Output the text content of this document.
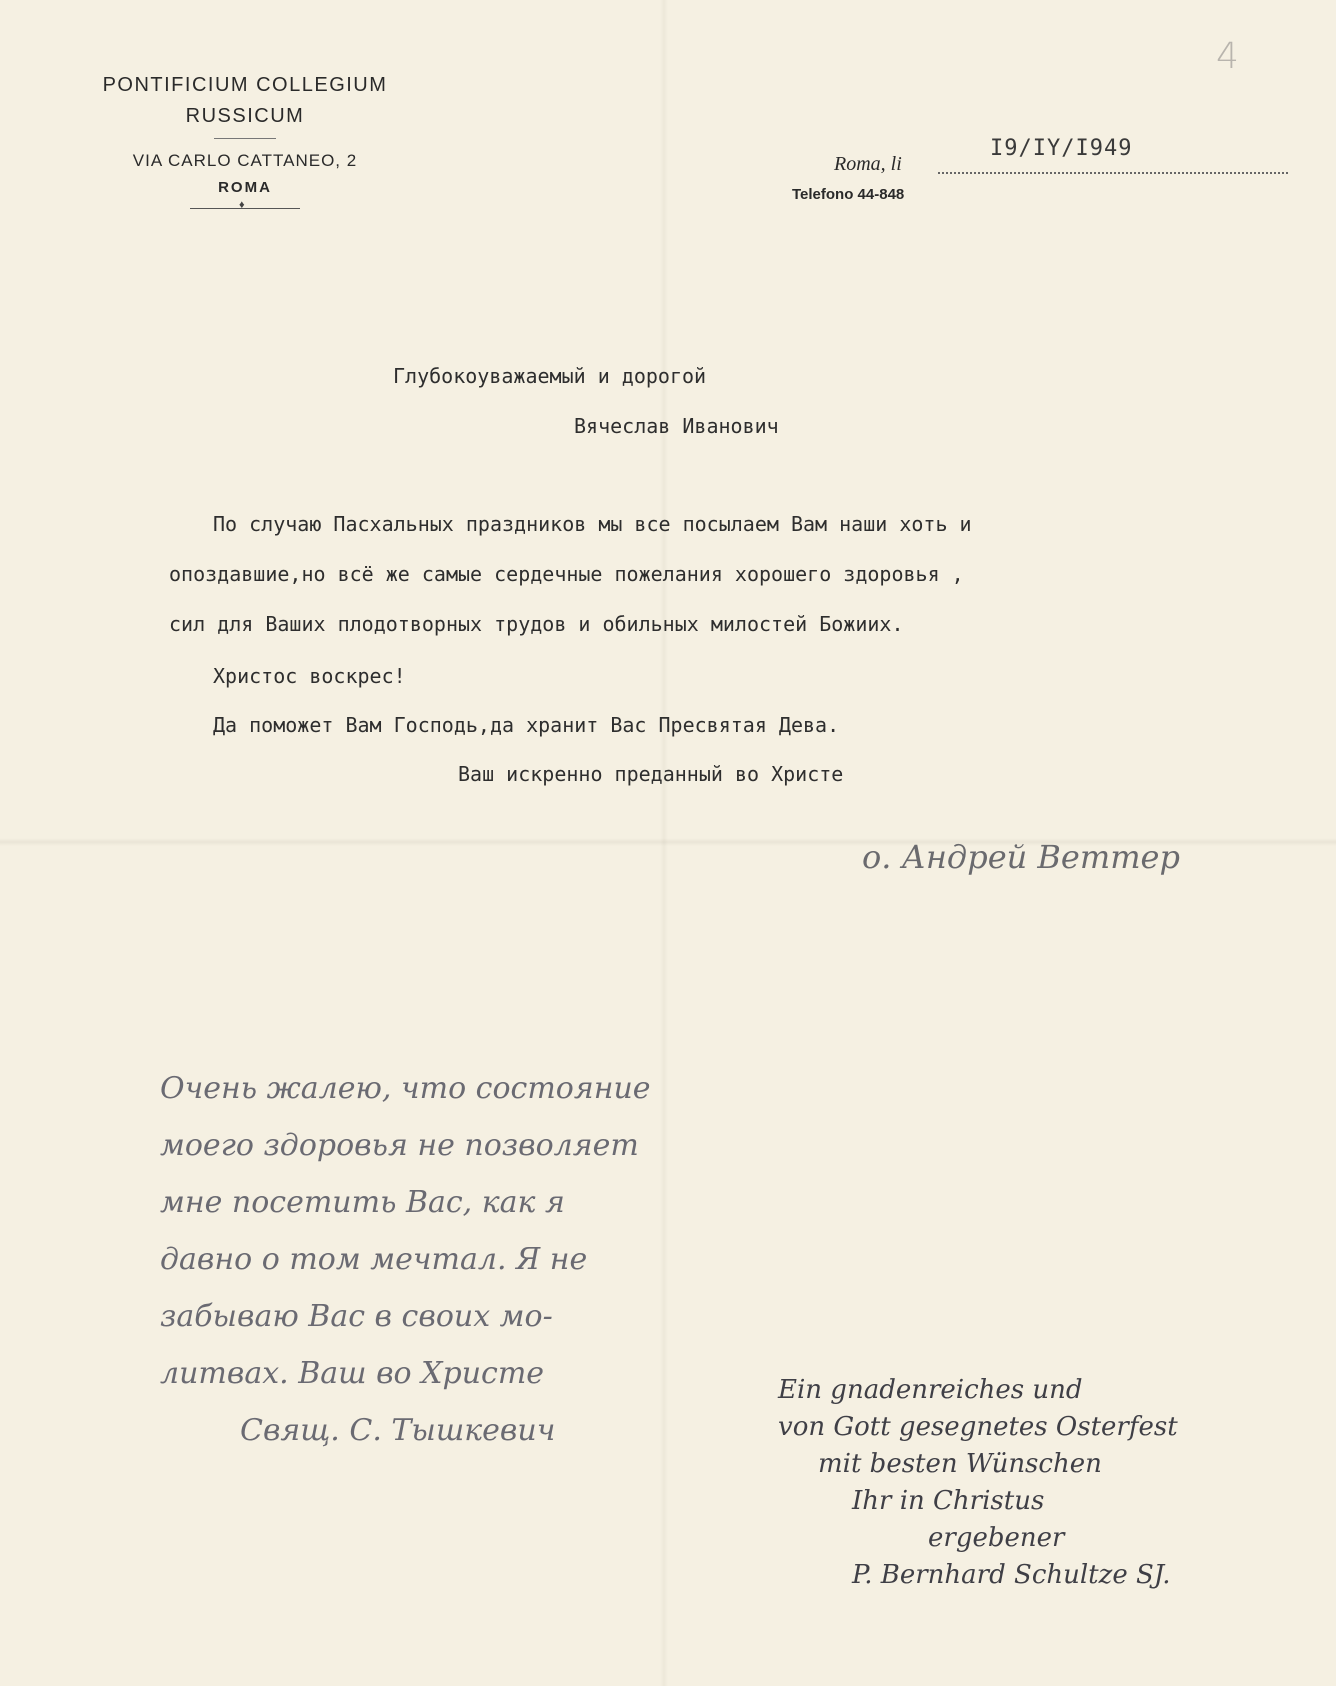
PONTIFICIUM COLLEGIUM
RUSSICUM
VIA CARLO CATTANEO, 2
ROMA
♦
4
Roma, li
I9/IY/I949
Telefono 44-848
Глубокоуважаемый и дорогой
Вячеслав Иванович
По случаю Пасхальных праздников мы все посылаем Вам наши хоть и
опоздавшие,но всё же самые сердечные пожелания хорошего здоровья ,
сил для Ваших плодотворных трудов и обильных милостей Божиих.
Христос воскрес!
Да поможет Вам Господь,да хранит Вас Пресвятая Дева.
Ваш искренно преданный во Христе
о. Андрей Веттер
Очень жалею, что состояние
моего здоровья не позволяет
мне посетить Вас, как я
давно о том мечтал. Я не
забываю Вас в своих мо-
литвах. Ваш во Христе
Свящ. С. Тышкевич
Ein gnadenreiches und
von Gott gesegnetes Osterfest
mit besten Wünschen
Ihr in Christus
ergebener
P. Bernhard Schultze SJ.
